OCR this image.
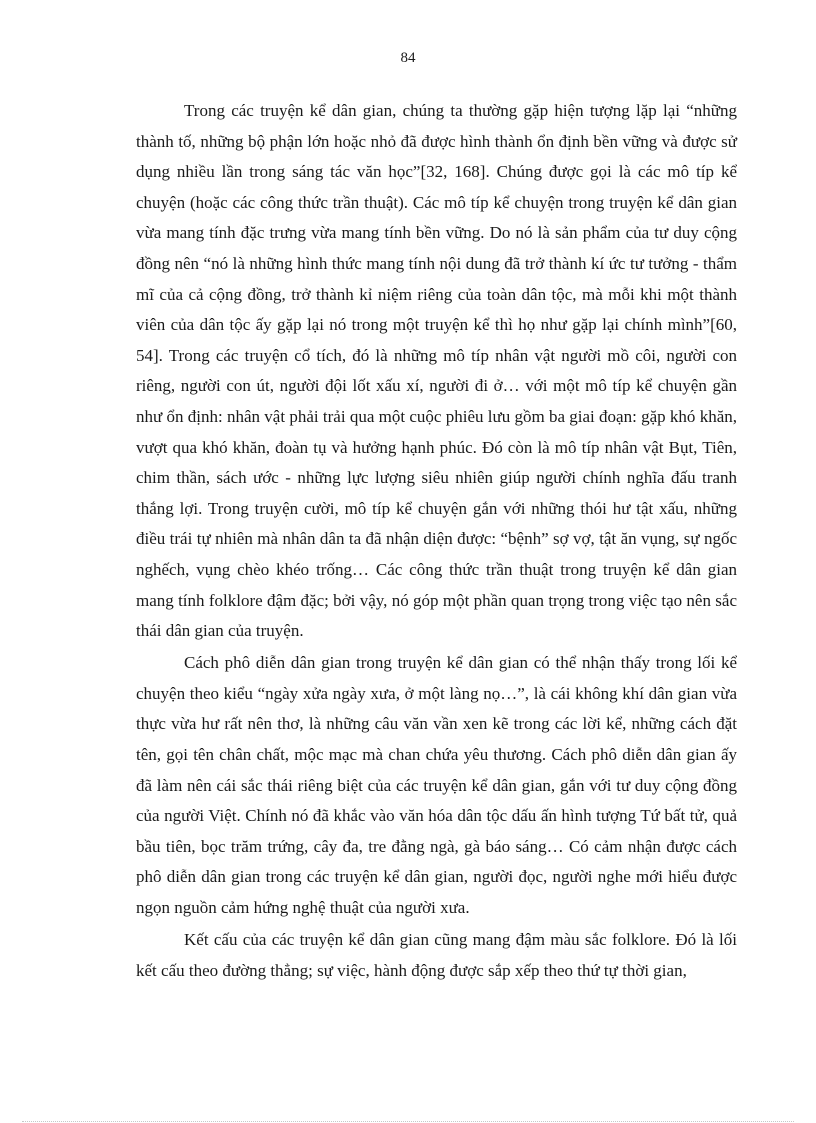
84

Trong các truyện kể dân gian, chúng ta thường gặp hiện tượng lặp lại “những thành tố, những bộ phận lớn hoặc nhỏ đã được hình thành ổn định bền vững và được sử dụng nhiều lần trong sáng tác văn học”[32, 168]. Chúng được gọi là các mô típ kể chuyện (hoặc các công thức trần thuật). Các mô típ kể chuyện trong truyện kể dân gian vừa mang tính đặc trưng vừa mang tính bền vững. Do nó là sản phẩm của tư duy cộng đồng nên “nó là những hình thức mang tính nội dung đã trở thành kí ức tư tưởng - thẩm mĩ của cả cộng đồng, trở thành kỉ niệm riêng của toàn dân tộc, mà mỗi khi một thành viên của dân tộc ấy gặp lại nó trong một truyện kể thì họ như gặp lại chính mình”[60, 54]. Trong các truyện cổ tích, đó là những mô típ nhân vật người mồ côi, người con riêng, người con út, người đội lốt xấu xí, người đi ở… với một mô típ kể chuyện gần như ổn định: nhân vật phải trải qua một cuộc phiêu lưu gồm ba giai đoạn: gặp khó khăn, vượt qua khó khăn, đoàn tụ và hưởng hạnh phúc. Đó còn là mô típ nhân vật Bụt, Tiên, chim thần, sách ước - những lực lượng siêu nhiên giúp người chính nghĩa đấu tranh thắng lợi. Trong truyện cười, mô típ kể chuyện gắn với những thói hư tật xấu, những điều trái tự nhiên mà nhân dân ta đã nhận diện được: “bệnh” sợ vợ, tật ăn vụng, sự ngốc nghếch, vụng chèo khéo trống… Các công thức trần thuật trong truyện kể dân gian mang tính folklore đậm đặc; bởi vậy, nó góp một phần quan trọng trong việc tạo nên sắc thái dân gian của truyện.

Cách phô diễn dân gian trong truyện kể dân gian có thể nhận thấy trong lối kể chuyện theo kiểu “ngày xửa ngày xưa, ở một làng nọ…”, là cái không khí dân gian vừa thực vừa hư rất nên thơ, là những câu văn vần xen kẽ trong các lời kể, những cách đặt tên, gọi tên chân chất, mộc mạc mà chan chứa yêu thương. Cách phô diễn dân gian ấy đã làm nên cái sắc thái riêng biệt của các truyện kể dân gian, gắn với tư duy cộng đồng của người Việt. Chính nó đã khắc vào văn hóa dân tộc dấu ấn hình tượng Tứ bất tử, quả bầu tiên, bọc trăm trứng, cây đa, tre đằng ngà, gà báo sáng… Có cảm nhận được cách phô diễn dân gian trong các truyện kể dân gian, người đọc, người nghe mới hiểu được ngọn nguồn cảm hứng nghệ thuật của người xưa.

Kết cấu của các truyện kể dân gian cũng mang đậm màu sắc folklore. Đó là lối kết cấu theo đường thẳng; sự việc, hành động được sắp xếp theo thứ tự thời gian,
